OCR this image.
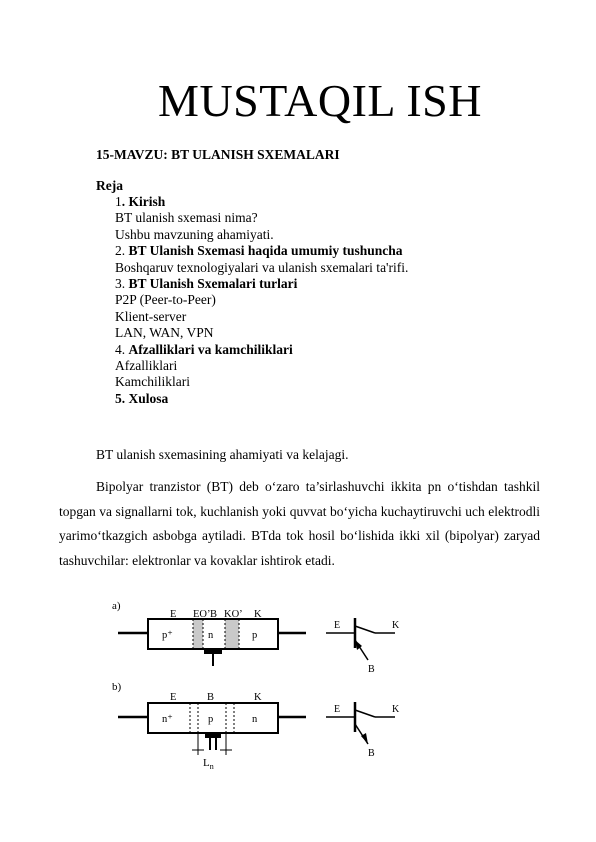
MUSTAQIL ISH
15-MAVZU: BT ULANISH SXEMALARI
Reja
1. Kirish
BT ulanish sxemasi nima?
Ushbu mavzuning ahamiyati.
2. BT Ulanish Sxemasi haqida umumiy tushuncha
Boshqaruv texnologiyalari va ulanish sxemalari ta'rifi.
3. BT Ulanish Sxemalari turlari
P2P (Peer-to-Peer)
Klient-server
LAN, WAN, VPN
4. Afzalliklari va kamchiliklari
Afzalliklari
Kamchiliklari
5. Xulosa
BT ulanish sxemasining ahamiyati va kelajagi.
Bipolyar tranzistor (BT) deb o‘zaro ta’sirlashuvchi ikkita pn o‘tishdan tashkil topgan va signallarni tok, kuchlanish yoki quvvat bo‘yicha kuchaytiruvchi uch elektrodli yarimo‘tkazgich asbobga aytiladi. BTda tok hosil bo‘lishida ikki xil (bipolyar) zaryad tashuvchilar: elektronlar va kovaklar ishtirok etadi.
a)
E EO’ B KO’ K
p⁺	n	p
E	K
B
b)
E	B	K
n⁺	p	n
$L_n$
E	K
B
